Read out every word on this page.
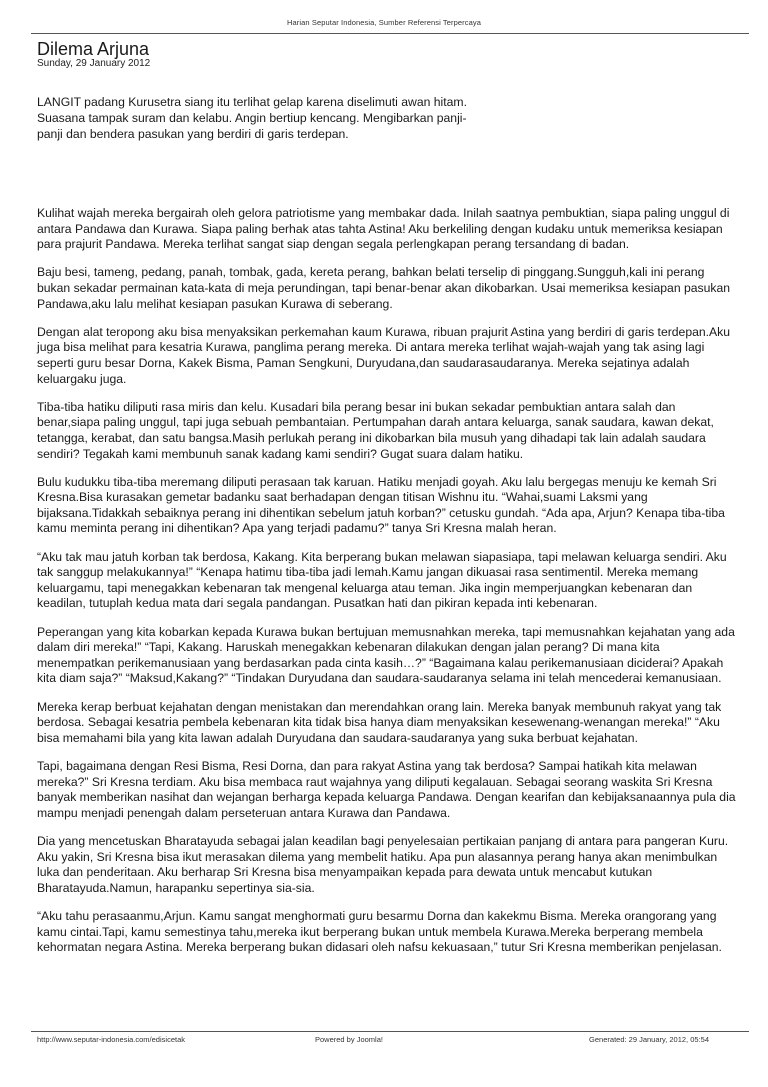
Harian Seputar Indonesia, Sumber Referensi Terpercaya
Dilema Arjuna
Sunday, 29 January 2012

LANGIT padang Kurusetra siang itu terlihat gelap karena diselimuti awan hitam. Suasana tampak suram dan kelabu. Angin bertiup kencang. Mengibarkan panji-panji dan bendera pasukan yang berdiri di garis terdepan.

Kulihat wajah mereka bergairah oleh gelora patriotisme yang membakar dada. Inilah saatnya pembuktian, siapa paling unggul di antara Pandawa dan Kurawa. Siapa paling berhak atas tahta Astina! Aku berkeliling dengan kudaku untuk memeriksa kesiapan para prajurit Pandawa. Mereka terlihat sangat siap dengan segala perlengkapan perang tersandang di badan.

Baju besi, tameng, pedang, panah, tombak, gada, kereta perang, bahkan belati terselip di pinggang.Sungguh,kali ini perang bukan sekadar permainan kata-kata di meja perundingan, tapi benar-benar akan dikobarkan. Usai memeriksa kesiapan pasukan Pandawa,aku lalu melihat kesiapan pasukan Kurawa di seberang.

Dengan alat teropong aku bisa menyaksikan perkemahan kaum Kurawa, ribuan prajurit Astina yang berdiri di garis terdepan.Aku juga bisa melihat para kesatria Kurawa, panglima perang mereka. Di antara mereka terlihat wajah-wajah yang tak asing lagi seperti guru besar Dorna, Kakek Bisma, Paman Sengkuni, Duryudana,dan saudarasaudaranya. Mereka sejatinya adalah keluargaku juga.

Tiba-tiba hatiku diliputi rasa miris dan kelu. Kusadari bila perang besar ini bukan sekadar pembuktian antara salah dan benar,siapa paling unggul, tapi juga sebuah pembantaian. Pertumpahan darah antara keluarga, sanak saudara, kawan dekat, tetangga, kerabat, dan satu bangsa.Masih perlukah perang ini dikobarkan bila musuh yang dihadapi tak lain adalah saudara sendiri? Tegakah kami membunuh sanak kadang kami sendiri? Gugat suara dalam hatiku.

Bulu kudukku tiba-tiba meremang diliputi perasaan tak karuan. Hatiku menjadi goyah. Aku lalu bergegas menuju ke kemah Sri Kresna.Bisa kurasakan gemetar badanku saat berhadapan dengan titisan Wishnu itu. “Wahai,suami Laksmi yang bijaksana.Tidakkah sebaiknya perang ini dihentikan sebelum jatuh korban?” cetusku gundah. “Ada apa, Arjun? Kenapa tiba-tiba kamu meminta perang ini dihentikan? Apa yang terjadi padamu?” tanya Sri Kresna malah heran.

“Aku tak mau jatuh korban tak berdosa, Kakang. Kita berperang bukan melawan siapasiapa, tapi melawan keluarga sendiri. Aku tak sanggup melakukannya!” “Kenapa hatimu tiba-tiba jadi lemah.Kamu jangan dikuasai rasa sentimentil. Mereka memang keluargamu, tapi menegakkan kebenaran tak mengenal keluarga atau teman. Jika ingin memperjuangkan kebenaran dan keadilan, tutuplah kedua mata dari segala pandangan. Pusatkan hati dan pikiran kepada inti kebenaran.

Peperangan yang kita kobarkan kepada Kurawa bukan bertujuan memusnahkan mereka, tapi memusnahkan kejahatan yang ada dalam diri mereka!” “Tapi, Kakang. Haruskah menegakkan kebenaran dilakukan dengan jalan perang? Di mana kita menempatkan perikemanusiaan yang berdasarkan pada cinta kasih…?” “Bagaimana kalau perikemanusiaan diciderai? Apakah kita diam saja?” “Maksud,Kakang?” “Tindakan Duryudana dan saudara-saudaranya selama ini telah mencederai kemanusiaan.

Mereka kerap berbuat kejahatan dengan menistakan dan merendahkan orang lain. Mereka banyak membunuh rakyat yang tak berdosa. Sebagai kesatria pembela kebenaran kita tidak bisa hanya diam menyaksikan kesewenang-wenangan mereka!” “Aku bisa memahami bila yang kita lawan adalah Duryudana dan saudara-saudaranya yang suka berbuat kejahatan.

Tapi, bagaimana dengan Resi Bisma, Resi Dorna, dan para rakyat Astina yang tak berdosa? Sampai hatikah kita melawan mereka?” Sri Kresna terdiam. Aku bisa membaca raut wajahnya yang diliputi kegalauan. Sebagai seorang waskita Sri Kresna banyak memberikan nasihat dan wejangan berharga kepada keluarga Pandawa. Dengan kearifan dan kebijaksanaannya pula dia mampu menjadi penengah dalam perseteruan antara Kurawa dan Pandawa.

Dia yang mencetuskan Bharatayuda sebagai jalan keadilan bagi penyelesaian pertikaian panjang di antara para pangeran Kuru. Aku yakin, Sri Kresna bisa ikut merasakan dilema yang membelit hatiku. Apa pun alasannya perang hanya akan menimbulkan luka dan penderitaan. Aku berharap Sri Kresna bisa menyampaikan kepada para dewata untuk mencabut kutukan Bharatayuda.Namun, harapanku sepertinya sia-sia.

“Aku tahu perasaanmu,Arjun. Kamu sangat menghormati guru besarmu Dorna dan kakekmu Bisma. Mereka orangorang yang kamu cintai.Tapi, kamu semestinya tahu,mereka ikut berperang bukan untuk membela Kurawa.Mereka berperang membela kehormatan negara Astina. Mereka berperang bukan didasari oleh nafsu kekuasaan,” tutur Sri Kresna memberikan penjelasan.

http://www.seputar-indonesia.com/edisicetak	Powered by Joomla!	Generated: 29 January, 2012, 05:54
